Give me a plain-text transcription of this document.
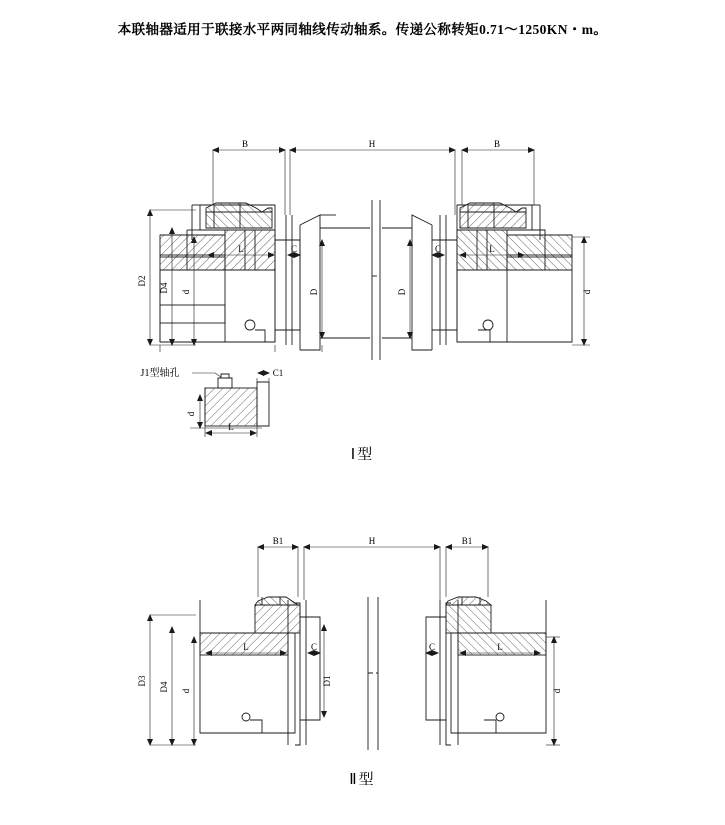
本联轴器适用于联接水平两同轴线传动轴系。传递公称转矩0.71～1250KN・m。
B	H	B
D2
D4 d	d
L	C
D	D
C	L
d
L
C1
J1型轴孔
Ⅰ型
B1	H	B1
D3
D4 d	d
L	C
D1
C	L
Ⅱ型
